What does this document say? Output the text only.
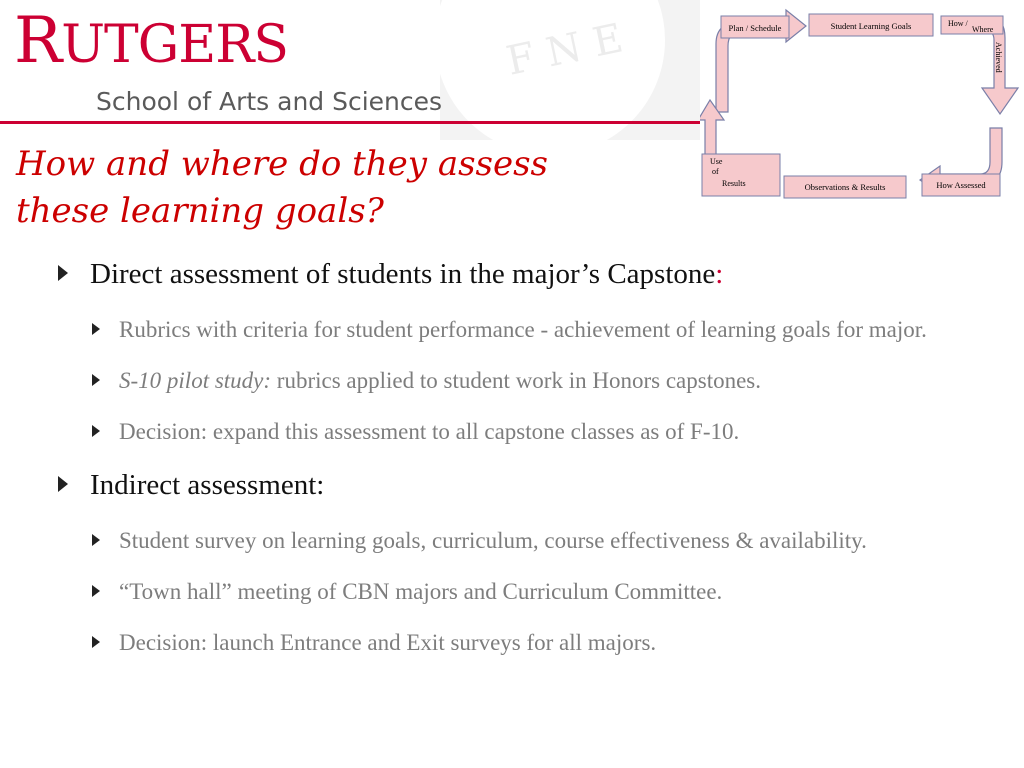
F N E
RUTGERS
School of Arts and Sciences
How and where do they assess
these learning goals?
Plan / Schedule	Student Learning Goals	How /
Where
Achieved
How Assessed
Observations & Results
Use
of
Results
Direct assessment of students in the major’s Capstone:
Rubrics with criteria for student performance - achievement of learning goals for major.
S-10 pilot study: rubrics applied to student work in Honors capstones.
Decision: expand this assessment to all capstone classes as of F-10.
Indirect assessment:
Student survey on learning goals, curriculum, course effectiveness & availability.
“Town hall” meeting of CBN majors and Curriculum Committee.
Decision: launch Entrance and Exit surveys for all majors.
